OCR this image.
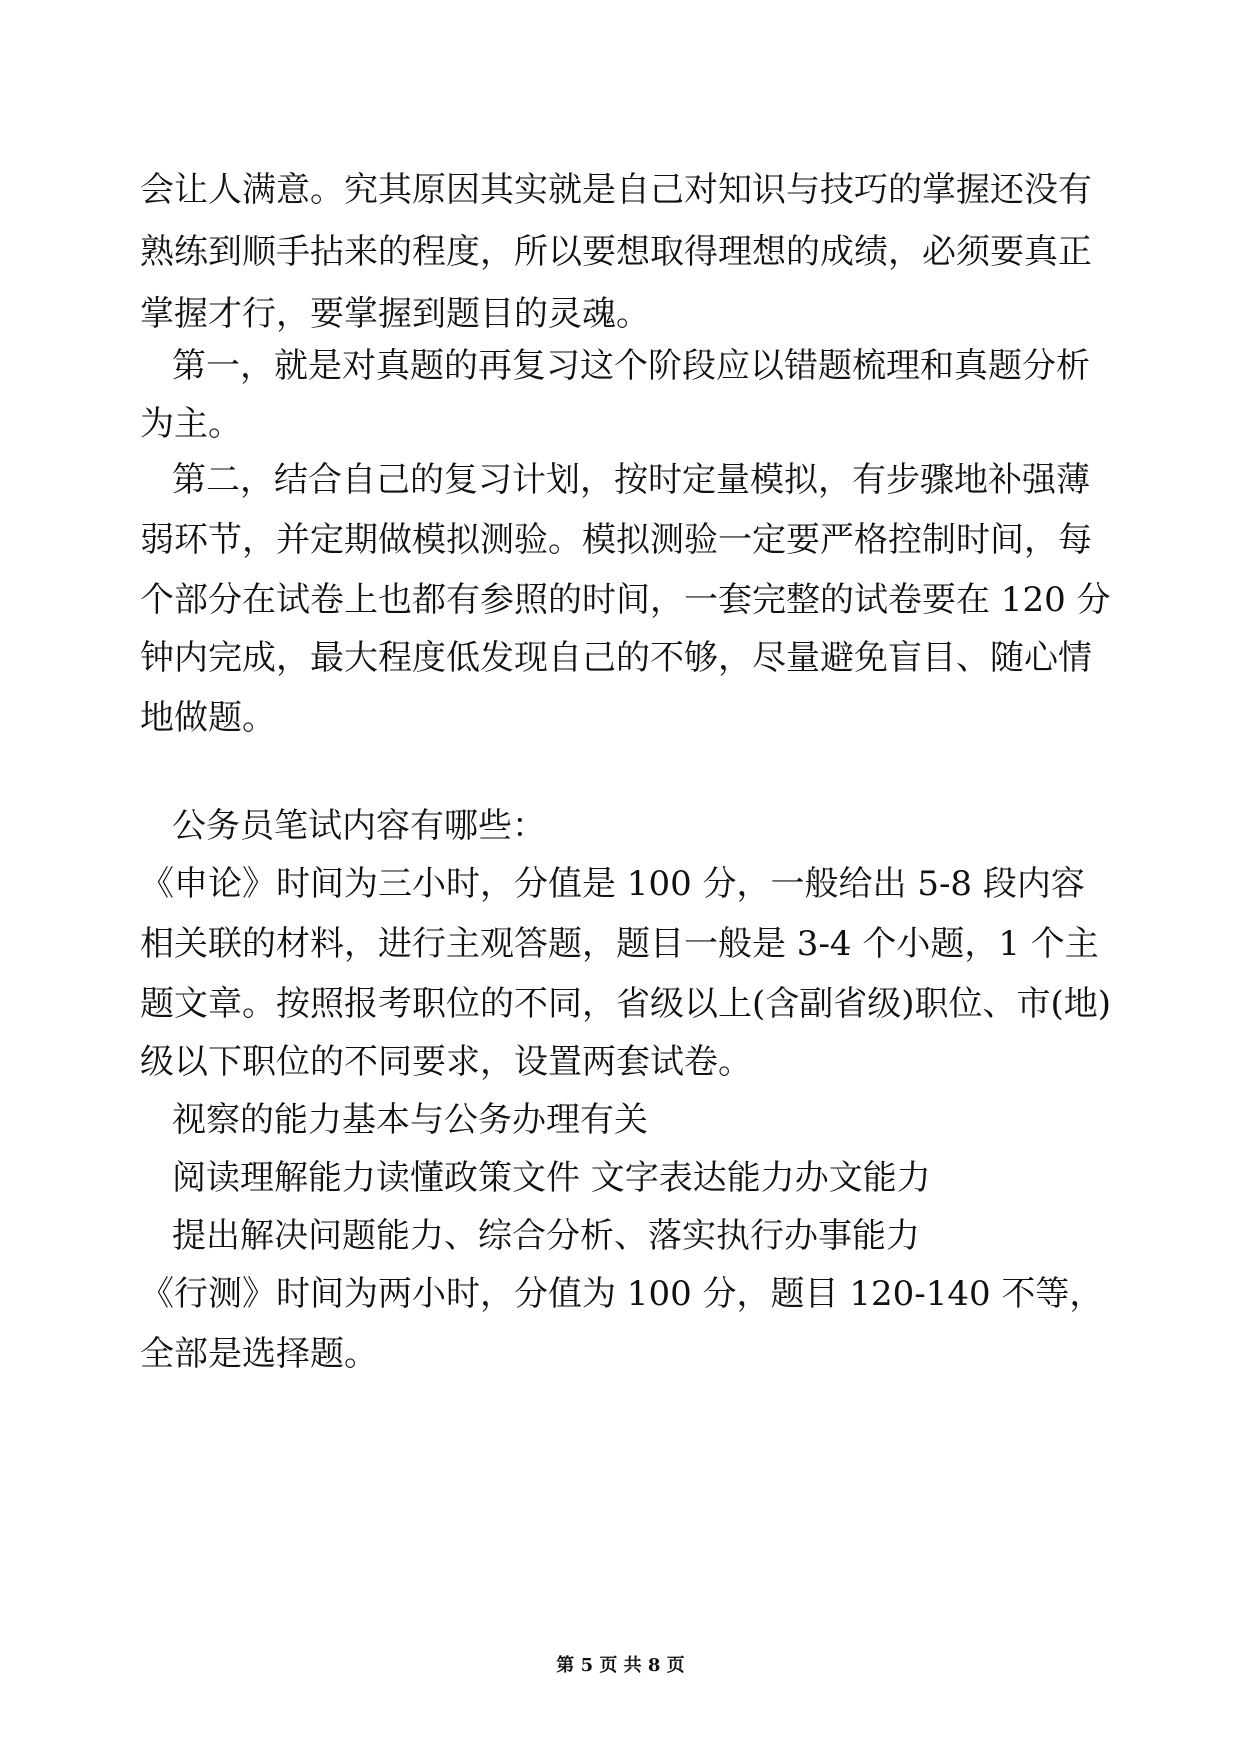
会让人满意。究其原因其实就是自己对知识与技巧的掌握还没有
熟练到顺手拈来的程度，所以要想取得理想的成绩，必须要真正
掌握才行，要掌握到题目的灵魂。
第一，就是对真题的再复习这个阶段应以错题梳理和真题分析
为主。
第二，结合自己的复习计划，按时定量模拟，有步骤地补强薄
弱环节，并定期做模拟测验。模拟测验一定要严格控制时间，每
个部分在试卷上也都有参照的时间，一套完整的试卷要在 120 分
钟内完成，最大程度低发现自己的不够，尽量避免盲目、随心情
地做题。
公务员笔试内容有哪些：
《申论》时间为三小时，分值是 100 分，一般给出 5-8 段内容
相关联的材料，进行主观答题，题目一般是 3-4 个小题，1 个主
题文章。按照报考职位的不同，省级以上(含副省级)职位、市(地)
级以下职位的不同要求，设置两套试卷。
视察的能力基本与公务办理有关
阅读理解能力读懂政策文件 文字表达能力办文能力
提出解决问题能力、综合分析、落实执行办事能力
《行测》时间为两小时，分值为 100 分，题目 120-140 不等，
全部是选择题。
第 5 页 共 8 页
